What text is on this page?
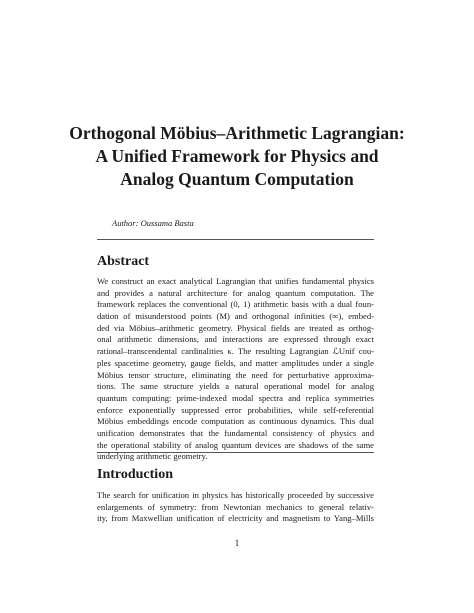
Orthogonal Möbius–Arithmetic Lagrangian:
A Unified Framework for Physics and
Analog Quantum Computation
Author: Oussama Basta
Abstract
We construct an exact analytical Lagrangian that unifies fundamental physics
and provides a natural architecture for analog quantum computation. The
framework replaces the conventional (0, 1) arithmetic basis with a dual foun-
dation of misunderstood points (M) and orthogonal infinities (∞), embed-
ded via Möbius–arithmetic geometry. Physical fields are treated as orthog-
onal arithmetic dimensions, and interactions are expressed through exact
rational–transcendental cardinalities κ. The resulting Lagrangian ℒUnif cou-
ples spacetime geometry, gauge fields, and matter amplitudes under a single
Möbius tensor structure, eliminating the need for perturbative approxima-
tions. The same structure yields a natural operational model for analog
quantum computing: prime-indexed modal spectra and replica symmetries
enforce exponentially suppressed error probabilities, while self-referential
Möbius embeddings encode computation as continuous dynamics. This dual
unification demonstrates that the fundamental consistency of physics and
the operational stability of analog quantum devices are shadows of the same
underlying arithmetic geometry.
Introduction
The search for unification in physics has historically proceeded by successive
enlargements of symmetry: from Newtonian mechanics to general relativ-
ity, from Maxwellian unification of electricity and magnetism to Yang–Mills
1
